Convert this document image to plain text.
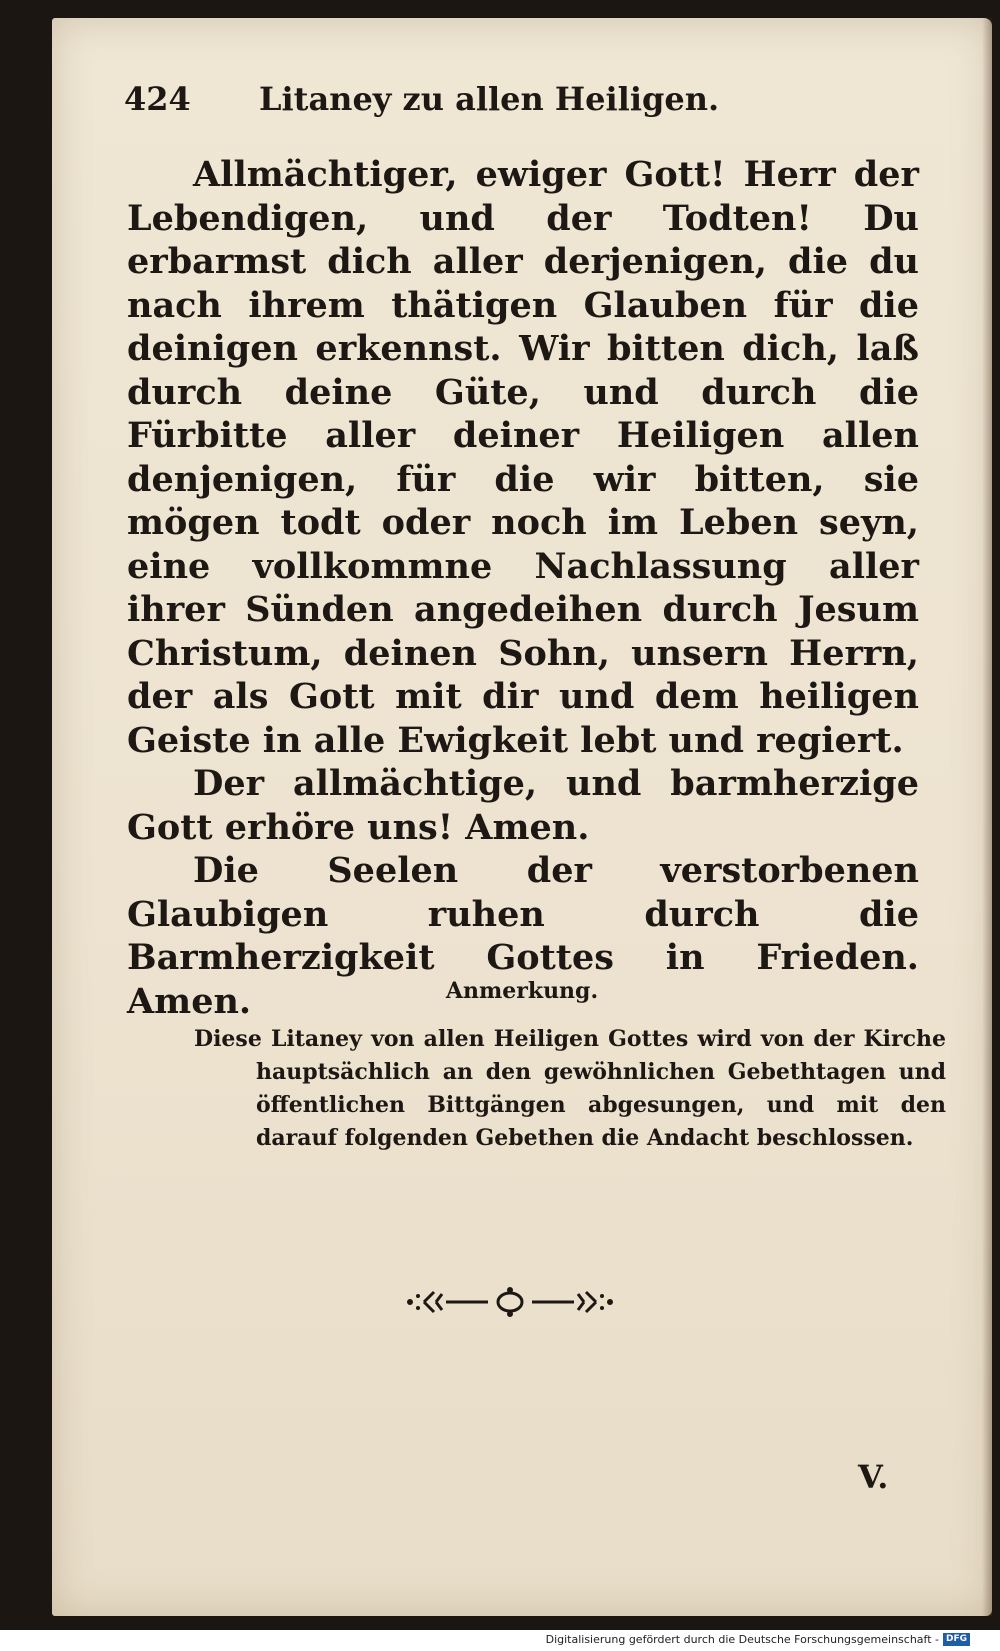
424 Litaney zu allen Heiligen.

Allmächtiger, ewiger Gott! Herr der Lebendigen, und der Todten! Du erbarmst dich aller derjenigen, die du nach ihrem thätigen Glauben für die deinigen erkennst. Wir bitten dich, laß durch deine Güte, und durch die Fürbitte aller deiner Heiligen allen denjenigen, für die wir bitten, sie mögen todt oder noch im Leben seyn, eine vollkommne Nachlassung aller ihrer Sünden angedeihen durch Jesum Christum, deinen Sohn, unsern Herrn, der als Gott mit dir und dem heiligen Geiste in alle Ewigkeit lebt und regiert.

Der allmächtige, und barmherzige Gott erhöre uns! Amen.

Die Seelen der verstorbenen Glaubigen ruhen durch die Barmherzigkeit Gottes in Frieden. Amen.	Anmerkung.
Diese Litaney von allen Heiligen Gottes wird von der Kirche hauptsächlich an den gewöhnlichen Gebethtagen und öffentlichen Bittgängen abgesungen, und mit den darauf folgenden Gebethen die Andacht beschlossen.
V.
Digitalisierung gefördert durch die Deutsche Forschungsgemeinschaft - DFG
